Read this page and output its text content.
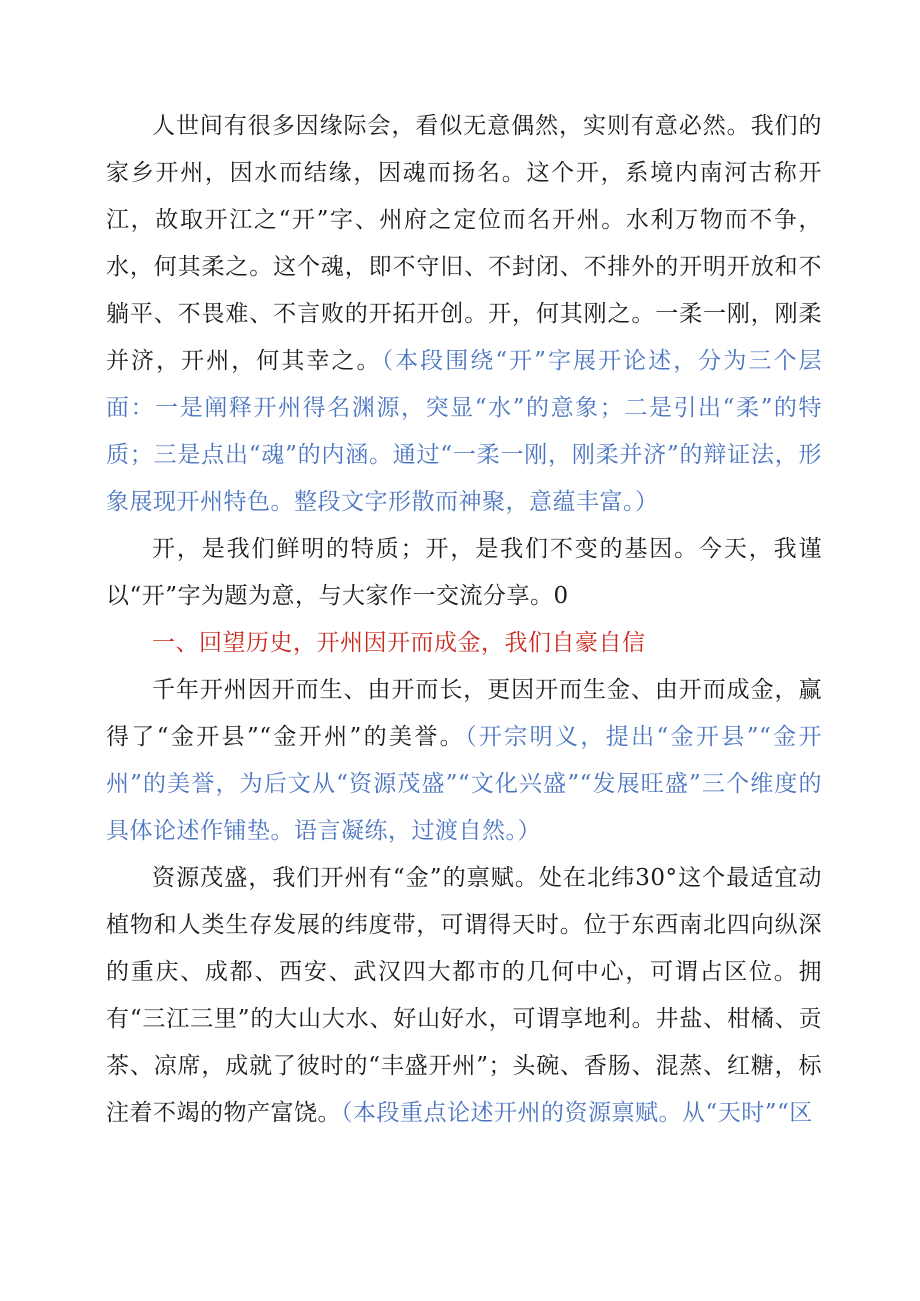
人世间有很多因缘际会，看似无意偶然，实则有意必然。我们的家乡开州，因水而结缘，因魂而扬名。这个开，系境内南河古称开江，故取开江之“开”字、州府之定位而名开州。水利万物而不争，水，何其柔之。这个魂，即不守旧、不封闭、不排外的开明开放和不躺平、不畏难、不言败的开拓开创。开，何其刚之。一柔一刚，刚柔并济，开州，何其幸之。（本段围绕“开”字展开论述，分为三个层面：一是阐释开州得名渊源，突显“水”的意象；二是引出“柔”的特质；三是点出“魂”的内涵。通过“一柔一刚，刚柔并济”的辩证法，形象展现开州特色。整段文字形散而神聚，意蕴丰富。）

开，是我们鲜明的特质；开，是我们不变的基因。今天，我谨以“开”字为题为意，与大家作一交流分享。0

一、回望历史，开州因开而成金，我们自豪自信

千年开州因开而生、由开而长，更因开而生金、由开而成金，赢得了“金开县”“金开州”的美誉。（开宗明义，提出“金开县”“金开州”的美誉，为后文从“资源茂盛”“文化兴盛”“发展旺盛”三个维度的具体论述作铺垫。语言凝练，过渡自然。）

资源茂盛，我们开州有“金”的禀赋。处在北纬30°这个最适宜动植物和人类生存发展的纬度带，可谓得天时。位于东西南北四向纵深的重庆、成都、西安、武汉四大都市的几何中心，可谓占区位。拥有“三江三里”的大山大水、好山好水，可谓享地利。井盐、柑橘、贡茶、凉席，成就了彼时的“丰盛开州”；头碗、香肠、混蒸、红糖，标注着不竭的物产富饶。（本段重点论述开州的资源禀赋。从“天时”“区
